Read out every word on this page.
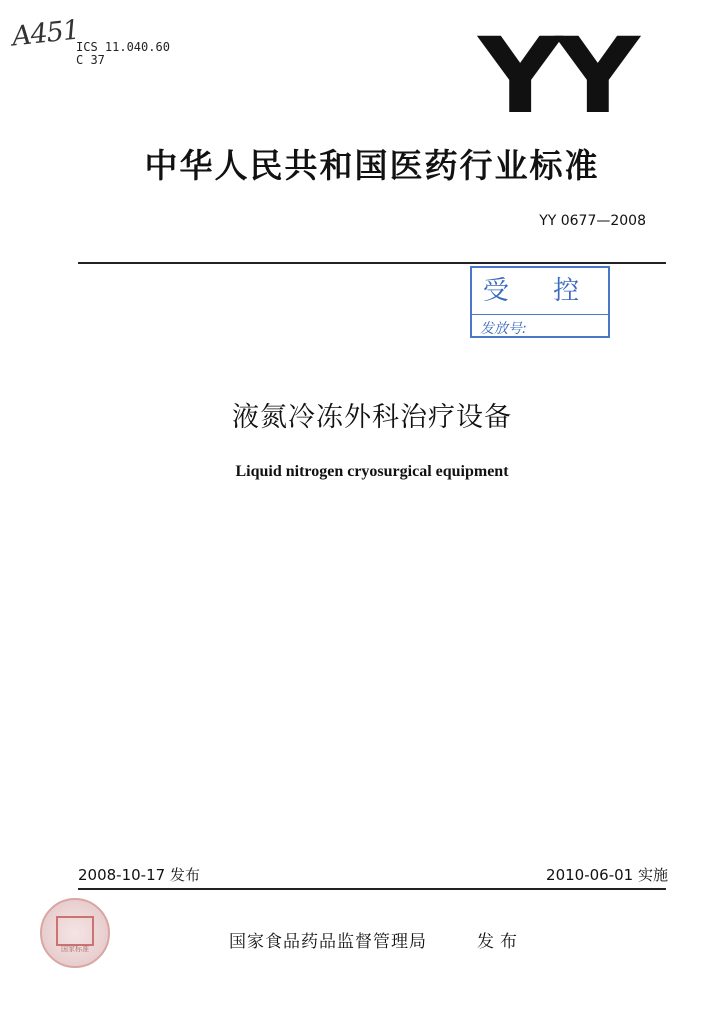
A451
ICS 11.040.60
C 37	YY
中华人民共和国医药行业标准
YY 0677—2008
受 控
发放号:
液氮冷冻外科治疗设备
Liquid nitrogen cryosurgical equipment
2008-10-17 发布	2010-06-01 实施
国家标准	国家食品药品监督管理局	发布
